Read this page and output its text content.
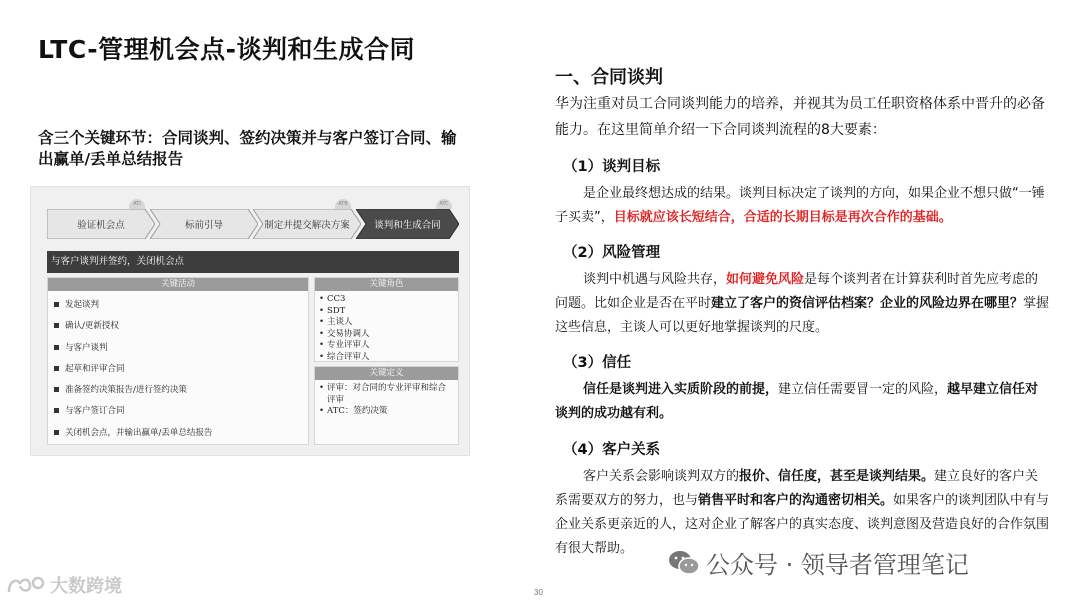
LTC-管理机会点-谈判和生成合同
含三个关键环节：合同谈判、签约决策并与客户签订合同、输出赢单/丢单总结报告
ATI
验证机会点	标前引导
ATB
制定并提交解决方案
ATC
谈判和生成合同
与客户谈判并签约，关闭机会点
关键活动
发起谈判
确认/更新授权
与客户谈判
起草和评审合同
准备签约决策报告/进行签约决策
与客户签订合同
关闭机会点，并输出赢单/丢单总结报告
关键角色
• CC3
• SDT
• 主谈人
• 交易协调人
• 专业评审人
• 综合评审人
关键定义
• 评审：对合同的专业评审和综合评审
• ATC：签约决策
一、合同谈判
华为注重对员工合同谈判能力的培养，并视其为员工任职资格体系中晋升的必备能力。在这里简单介绍一下合同谈判流程的8大要素：
（1）谈判目标
是企业最终想达成的结果。谈判目标决定了谈判的方向，如果企业不想只做“一锤子买卖”，目标就应该长短结合，合适的长期目标是再次合作的基础。
（2）风险管理
谈判中机遇与风险共存，如何避免风险是每个谈判者在计算获利时首先应考虑的问题。比如企业是否在平时建立了客户的资信评估档案？企业的风险边界在哪里？掌握这些信息，主谈人可以更好地掌握谈判的尺度。
（3）信任
信任是谈判进入实质阶段的前提，建立信任需要冒一定的风险，越早建立信任对谈判的成功越有利。
（4）客户关系
客户关系会影响谈判双方的报价、信任度，甚至是谈判结果。建立良好的客户关系需要双方的努力，也与销售平时和客户的沟通密切相关。如果客户的谈判团队中有与企业关系更亲近的人，这对企业了解客户的真实态度、谈判意图及营造良好的合作氛围有很大帮助。
30
大数跨境
公众号 · 领导者管理笔记
